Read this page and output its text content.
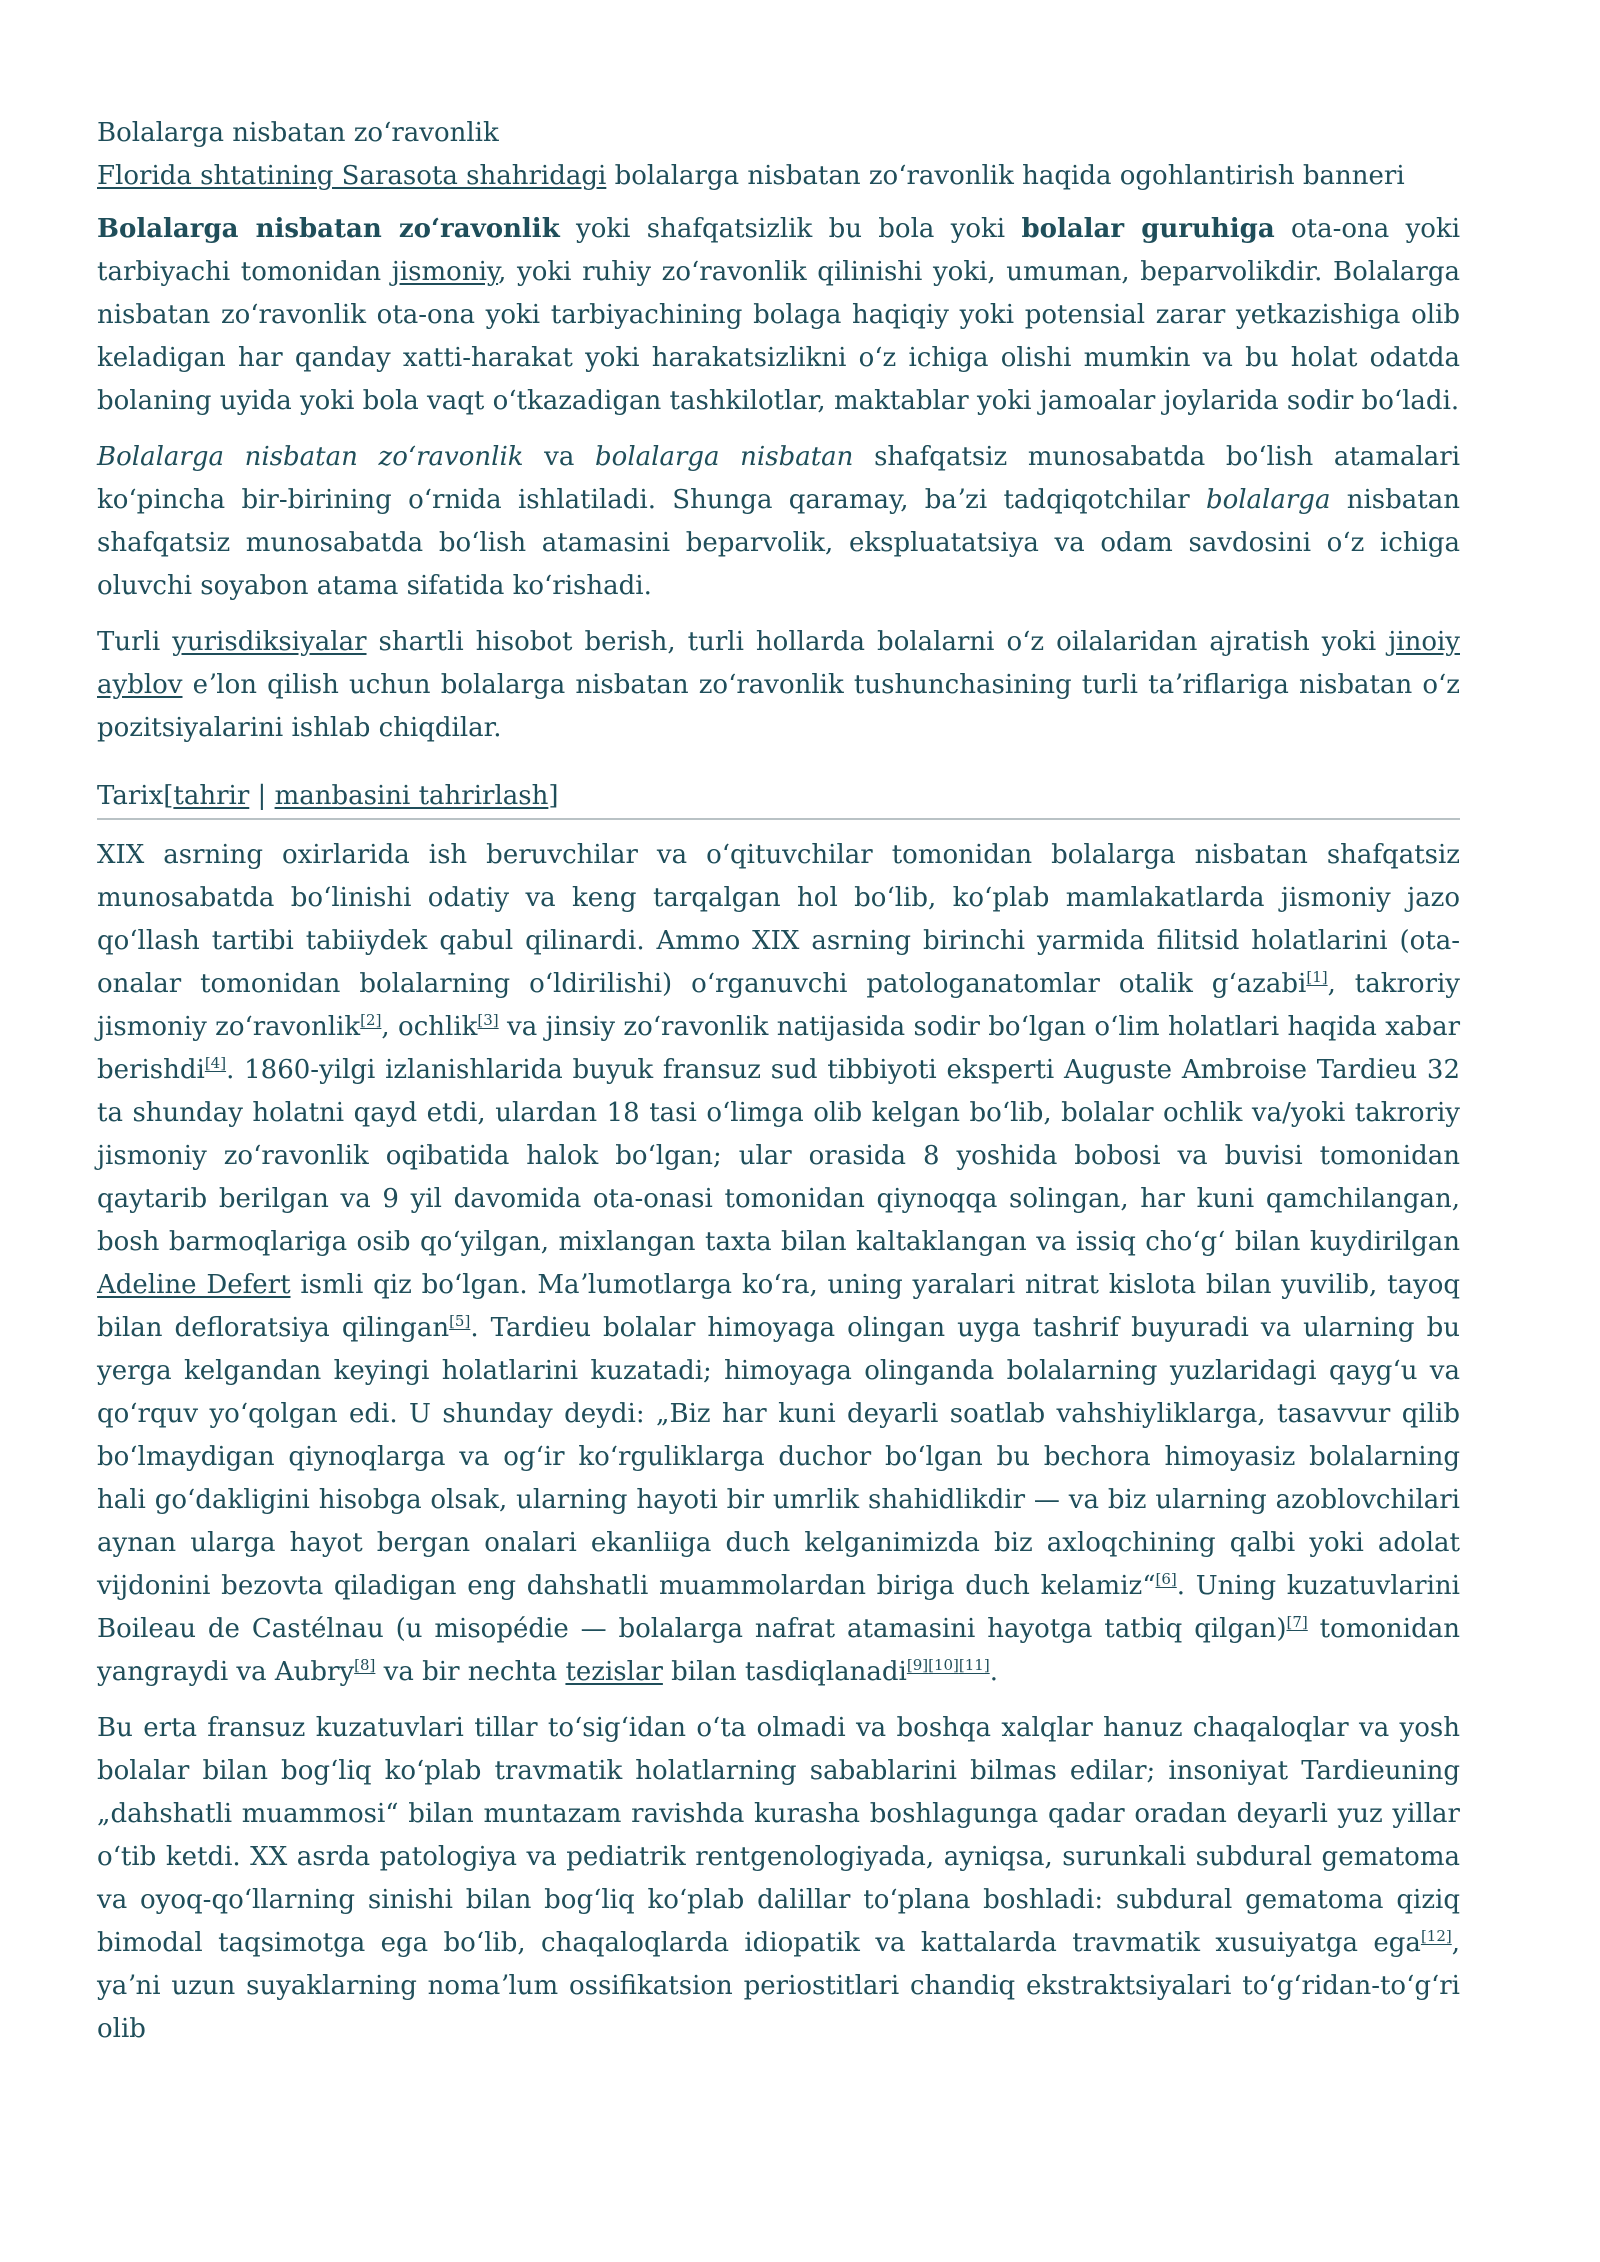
Bolalarga nisbatan zoʻravonlik
Florida shtatining Sarasota shahridagi bolalarga nisbatan zoʻravonlik haqida ogohlantirish banneri

Bolalarga nisbatan zoʻravonlik yoki shafqatsizlik bu bola yoki bolalar guruhiga ota-ona yoki tarbiyachi tomonidan jismoniy, yoki ruhiy zoʻravonlik qilinishi yoki, umuman, beparvolikdir. Bolalarga nisbatan zoʻravonlik ota-ona yoki tarbiyachining bolaga haqiqiy yoki potensial zarar yetkazishiga olib keladigan har qanday xatti-harakat yoki harakatsizlikni oʻz ichiga olishi mumkin va bu holat odatda bolaning uyida yoki bola vaqt oʻtkazadigan tashkilotlar, maktablar yoki jamoalar joylarida sodir boʻladi.

Bolalarga nisbatan zoʻravonlik va bolalarga nisbatan shafqatsiz munosabatda boʻlish atamalari koʻpincha bir-birining oʻrnida ishlatiladi. Shunga qaramay, baʼzi tadqiqotchilar bolalarga nisbatan shafqatsiz munosabatda boʻlish atamasini beparvolik, ekspluatatsiya va odam savdosini oʻz ichiga oluvchi soyabon atama sifatida koʻrishadi.

Turli yurisdiksiyalar shartli hisobot berish, turli hollarda bolalarni oʻz oilalaridan ajratish yoki jinoiy ayblov eʼlon qilish uchun bolalarga nisbatan zoʻravonlik tushunchasining turli taʼriflariga nisbatan oʻz pozitsiyalarini ishlab chiqdilar.

Tarix[tahrir | manbasini tahrirlash]

XIX asrning oxirlarida ish beruvchilar va oʻqituvchilar tomonidan bolalarga nisbatan shafqatsiz munosabatda boʻlinishi odatiy va keng tarqalgan hol boʻlib, koʻplab mamlakatlarda jismoniy jazo qoʻllash tartibi tabiiydek qabul qilinardi. Ammo XIX asrning birinchi yarmida filitsid holatlarini (ota-onalar tomonidan bolalarning oʻldirilishi) oʻrganuvchi patologanatomlar otalik gʻazabi[1], takroriy jismoniy zoʻravonlik[2], ochlik[3] va jinsiy zoʻravonlik natijasida sodir boʻlgan oʻlim holatlari haqida xabar berishdi[4]. 1860-yilgi izlanishlarida buyuk fransuz sud tibbiyoti eksperti Auguste Ambroise Tardieu 32 ta shunday holatni qayd etdi, ulardan 18 tasi oʻlimga olib kelgan boʻlib, bolalar ochlik va/yoki takroriy jismoniy zoʻravonlik oqibatida halok boʻlgan; ular orasida 8 yoshida bobosi va buvisi tomonidan qaytarib berilgan va 9 yil davomida ota-onasi tomonidan qiynoqqa solingan, har kuni qamchilangan, bosh barmoqlariga osib qoʻyilgan, mixlangan taxta bilan kaltaklangan va issiq choʻgʻ bilan kuydirilgan Adeline Defert ismli qiz boʻlgan. Maʼlumotlarga koʻra, uning yaralari nitrat kislota bilan yuvilib, tayoq bilan defloratsiya qilingan[5]. Tardieu bolalar himoyaga olingan uyga tashrif buyuradi va ularning bu yerga kelgandan keyingi holatlarini kuzatadi; himoyaga olinganda bolalarning yuzlaridagi qaygʻu va qoʻrquv yoʻqolgan edi. U shunday deydi: „Biz har kuni deyarli soatlab vahshiyliklarga, tasavvur qilib boʻlmaydigan qiynoqlarga va ogʻir koʻrguliklarga duchor boʻlgan bu bechora himoyasiz bolalarning hali goʻdakligini hisobga olsak, ularning hayoti bir umrlik shahidlikdir — va biz ularning azoblovchilari aynan ularga hayot bergan onalari ekanliiga duch kelganimizda biz axloqchining qalbi yoki adolat vijdonini bezovta qiladigan eng dahshatli muammolardan biriga duch kelamiz“[6]. Uning kuzatuvlarini Boileau de Castélnau (u misopédie — bolalarga nafrat atamasini hayotga tatbiq qilgan)[7] tomonidan yangraydi va Aubry[8] va bir nechta tezislar bilan tasdiqlanadi[9][10][11].

Bu erta fransuz kuzatuvlari tillar toʻsigʻidan oʻta olmadi va boshqa xalqlar hanuz chaqaloqlar va yosh bolalar bilan bogʻliq koʻplab travmatik holatlarning sabablarini bilmas edilar; insoniyat Tardieuning „dahshatli muammosi“ bilan muntazam ravishda kurasha boshlagunga qadar oradan deyarli yuz yillar oʻtib ketdi. XX asrda patologiya va pediatrik rentgenologiyada, ayniqsa, surunkali subdural gematoma va oyoq-qoʻllarning sinishi bilan bogʻliq koʻplab dalillar toʻplana boshladi: subdural gematoma qiziq bimodal taqsimotga ega boʻlib, chaqaloqlarda idiopatik va kattalarda travmatik xusuiyatga ega[12], yaʼni uzun suyaklarning nomaʼlum ossifikatsion periostitlari chandiq ekstraktsiyalari toʻgʻridan-toʻgʻri olib
